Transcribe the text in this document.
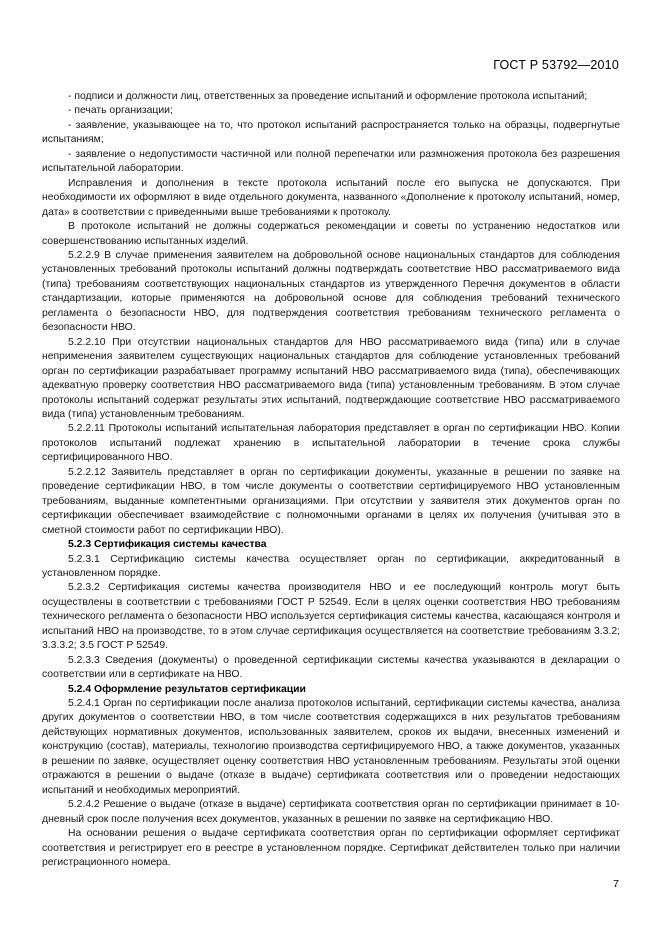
ГОСТ Р 53792—2010

- подписи и должности лиц, ответственных за проведение испытаний и оформление протокола испытаний;

- печать организации;

- заявление, указывающее на то, что протокол испытаний распространяется только на образцы, подвергнутые испытаниям;

- заявление о недопустимости частичной или полной перепечатки или размножения протокола без разрешения испытательной лаборатории.

Исправления и дополнения в тексте протокола испытаний после его выпуска не допускаются. При необходимости их оформляют в виде отдельного документа, названного «Дополнение к протоколу испытаний, номер, дата» в соответствии с приведенными выше требованиями к протоколу.

В протоколе испытаний не должны содержаться рекомендации и советы по устранению недостатков или совершенствованию испытанных изделий.

5.2.2.9 В случае применения заявителем на добровольной основе национальных стандартов для соблюдения установленных требований протоколы испытаний должны подтверждать соответствие НВО рассматриваемого вида (типа) требованиям соответствующих национальных стандартов из утвержденного Перечня документов в области стандартизации, которые применяются на добровольной основе для соблюдения требований технического регламента о безопасности НВО, для подтверждения соответствия требованиям технического регламента о безопасности НВО.

5.2.2.10 При отсутствии национальных стандартов для НВО рассматриваемого вида (типа) или в случае неприменения заявителем существующих национальных стандартов для соблюдение установленных требований орган по сертификации разрабатывает программу испытаний НВО рассматриваемого вида (типа), обеспечивающих адекватную проверку соответствия НВО рассматриваемого вида (типа) установленным требованиям. В этом случае протоколы испытаний содержат результаты этих испытаний, подтверждающие соответствие НВО рассматриваемого вида (типа) установленным требованиям.

5.2.2.11 Протоколы испытаний испытательная лаборатория представляет в орган по сертификации НВО. Копии протоколов испытаний подлежат хранению в испытательной лаборатории в течение срока службы сертифицированного НВО.

5.2.2.12 Заявитель представляет в орган по сертификации документы, указанные в решении по заявке на проведение сертификации НВО, в том числе документы о соответствии сертифицируемого НВО установленным требованиям, выданные компетентными организациями. При отсутствии у заявителя этих документов орган по сертификации обеспечивает взаимодействие с полномочными органами в целях их получения (учитывая это в сметной стоимости работ по сертификации НВО).

5.2.3 Сертификация системы качества

5.2.3.1 Сертификацию системы качества осуществляет орган по сертификации, аккредитованный в установленном порядке.

5.2.3.2 Сертификация системы качества производителя НВО и ее последующий контроль могут быть осуществлены в соответствии с требованиями ГОСТ Р 52549. Если в целях оценки соответствия НВО требованиям технического регламента о безопасности НВО используется сертификация системы качества, касающаяся контроля и испытаний НВО на производстве, то в этом случае сертификация осуществляется на соответствие требованиям 3.3.2; 3.3.3.2; 3.5 ГОСТ Р 52549.

5.2.3.3 Сведения (документы) о проведенной сертификации системы качества указываются в декларации о соответствии или в сертификате на НВО.

5.2.4 Оформление результатов сертификации

5.2.4.1 Орган по сертификации после анализа протоколов испытаний, сертификации системы качества, анализа других документов о соответствии НВО, в том числе соответствия содержащихся в них результатов требованиям действующих нормативных документов, использованных заявителем, сроков их выдачи, внесенных изменений и конструкцию (состав), материалы, технологию производства сертифицируемого НВО, а также документов, указанных в решении по заявке, осуществляет оценку соответствия НВО установленным требованиям. Результаты этой оценки отражаются в решении о выдаче (отказе в выдаче) сертификата соответствия или о проведении недостающих испытаний и необходимых мероприятий.

5.2.4.2 Решение о выдаче (отказе в выдаче) сертификата соответствия орган по сертификации принимает в 10-дневный срок после получения всех документов, указанных в решении по заявке на сертификацию НВО.

На основании решения о выдаче сертификата соответствия орган по сертификации оформляет сертификат соответствия и регистрирует его в реестре в установленном порядке. Сертификат действителен только при наличии регистрационного номера.

7
